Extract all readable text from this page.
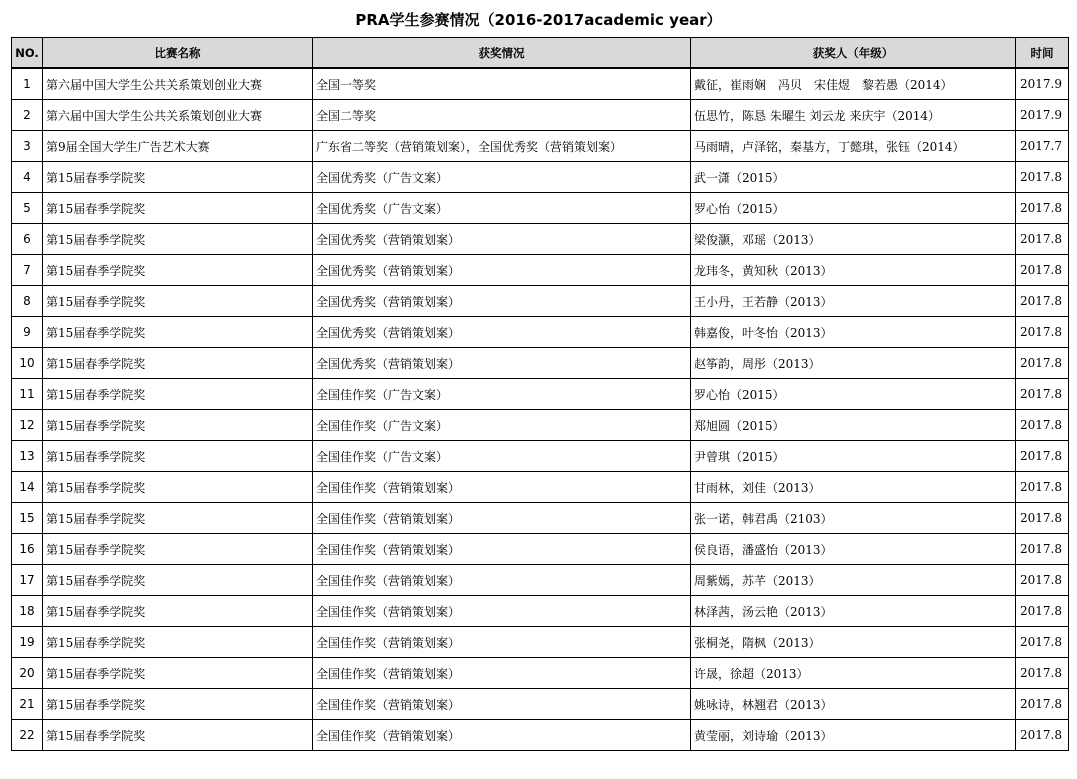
PRA学生参赛情况（2016-2017academic year）
NO.	比赛名称	获奖情况	获奖人（年级）	时间
1	第六届中国大学生公共关系策划创业大赛	全国一等奖	戴征，崔雨娴　冯贝　宋佳煜　黎若愚（2014）	2017.9
2	第六届中国大学生公共关系策划创业大赛	全国二等奖	伍思竹，陈恳 朱曜生 刘云龙 来庆宇（2014）	2017.9
3	第9届全国大学生广告艺术大赛	广东省二等奖（营销策划案），全国优秀奖（营销策划案）	马雨晴，卢泽铭，秦基方，丁懿琪，张钰（2014）	2017.7
4	第15届春季学院奖	全国优秀奖（广告文案）	武一潇（2015）	2017.8
5	第15届春季学院奖	全国优秀奖（广告文案）	罗心怡（2015）	2017.8
6	第15届春季学院奖	全国优秀奖（营销策划案）	梁俊灏，邓瑶（2013）	2017.8
7	第15届春季学院奖	全国优秀奖（营销策划案）	龙玮冬，黄知秋（2013）	2017.8
8	第15届春季学院奖	全国优秀奖（营销策划案）	王小丹，王若静（2013）	2017.8
9	第15届春季学院奖	全国优秀奖（营销策划案）	韩嘉俊，叶冬怡（2013）	2017.8
10	第15届春季学院奖	全国优秀奖（营销策划案）	赵筝韵，周彤（2013）	2017.8
11	第15届春季学院奖	全国佳作奖（广告文案）	罗心怡（2015）	2017.8
12	第15届春季学院奖	全国佳作奖（广告文案）	郑旭圆（2015）	2017.8
13	第15届春季学院奖	全国佳作奖（广告文案）	尹曾琪（2015）	2017.8
14	第15届春季学院奖	全国佳作奖（营销策划案）	甘雨林，刘佳（2013）	2017.8
15	第15届春季学院奖	全国佳作奖（营销策划案）	张一诺，韩君禹（2103）	2017.8
16	第15届春季学院奖	全国佳作奖（营销策划案）	侯良语，潘盛怡（2013）	2017.8
17	第15届春季学院奖	全国佳作奖（营销策划案）	周紫嫣，苏芊（2013）	2017.8
18	第15届春季学院奖	全国佳作奖（营销策划案）	林泽茜，汤云艳（2013）	2017.8
19	第15届春季学院奖	全国佳作奖（营销策划案）	张桐尧，隋枫（2013）	2017.8
20	第15届春季学院奖	全国佳作奖（营销策划案）	许晟，徐超（2013）	2017.8
21	第15届春季学院奖	全国佳作奖（营销策划案）	姚咏诗，林翘君（2013）	2017.8
22	第15届春季学院奖	全国佳作奖（营销策划案）	黄莹丽，刘诗瑜（2013）	2017.8
